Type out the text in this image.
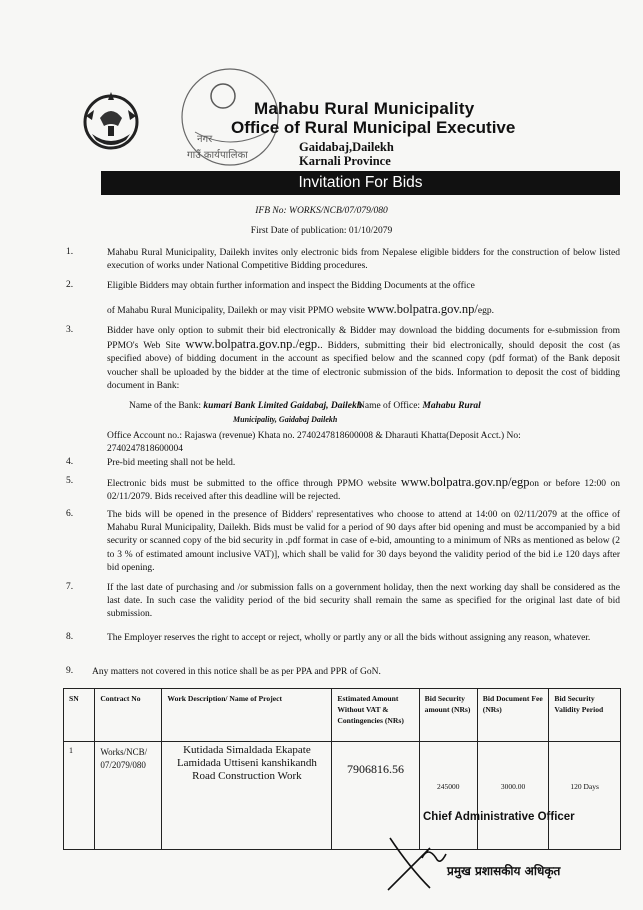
नगर
गाउँ कार्यपालिका
Mahabu Rural Municipality
Office of Rural Municipal Executive
Gaidabaj,Dailekh
Karnali Province
Invitation For Bids
IFB No: WORKS/NCB/07/079/080
First Date of publication: 01/10/2079
1.	Mahabu Rural Municipality, Dailekh invites only electronic bids from Nepalese eligible bidders for the construction of below listed execution of works under National Competitive Bidding procedures.
2.	Eligible Bidders may obtain further information and inspect the Bidding Documents at the office
of Mahabu Rural Municipality, Dailekh or may visit PPMO website www.bolpatra.gov.np/egp.
3.	Bidder have only option to submit their bid electronically & Bidder may download the bidding documents for e-submission from PPMO's Web Site www.bolpatra.gov.np./egp.. Bidders, submitting their bid electronically, should deposit the cost (as specified above) of bidding document in the account as specified below and the scanned copy (pdf format) of the Bank deposit voucher shall be uploaded by the bidder at the time of electronic submission of the bids. Information to deposit the cost of bidding document in Bank:
Name of the Bank: kumari Bank Limited Gaidabaj, Dailekh
Municipality, Gaidabaj Dailekh
Name of Office: Mahabu Rural
Office Account no.: Rajaswa (revenue) Khata no. 2740247818600008 & Dharauti Khatta(Deposit Acct.) No:
2740247818600004
4.	Pre-bid meeting shall not be held.
5.	Electronic bids must be submitted to the office through PPMO website www.bolpatra.gov.np/egpon or before 12:00 on 02/11/2079. Bids received after this deadline will be rejected.
6.	The bids will be opened in the presence of Bidders' representatives who choose to attend at 14:00 on 02/11/2079 at the office of Mahabu Rural Municipality, Dailekh. Bids must be valid for a period of 90 days after bid opening and must be accompanied by a bid security or scanned copy of the bid security in .pdf format in case of e-bid, amounting to a minimum of NRs as mentioned as below (2 to 3 % of estimated amount inclusive VAT)], which shall be valid for 30 days beyond the validity period of the bid i.e 120 days after bid opening.
7.	If the last date of purchasing and /or submission falls on a government holiday, then the next working day shall be considered as the last date. In such case the validity period of the bid security shall remain the same as specified for the original last date of bid submission.
8.	The Employer reserves the right to accept or reject, wholly or partly any or all the bids without assigning any reason, whatever.
9.	Any matters not covered in this notice shall be as per PPA and PPR of GoN.
SN	Contract No	Work Description/ Name of Project	Estimated Amount Without VAT & Contingencies (NRs)	Bid Security amount (NRs)	Bid Document Fee (NRs)	Bid Security Validity Period
1	Works/NCB/ 07/2079/080	Kutidada Simaldada Ekapate Lamidada Uttiseni kanshikandh Road Construction Work	7906816.56	245000	3000.00	120 Days
Chief Administrative Officer
प्रमुख प्रशासकीय अधिकृत
